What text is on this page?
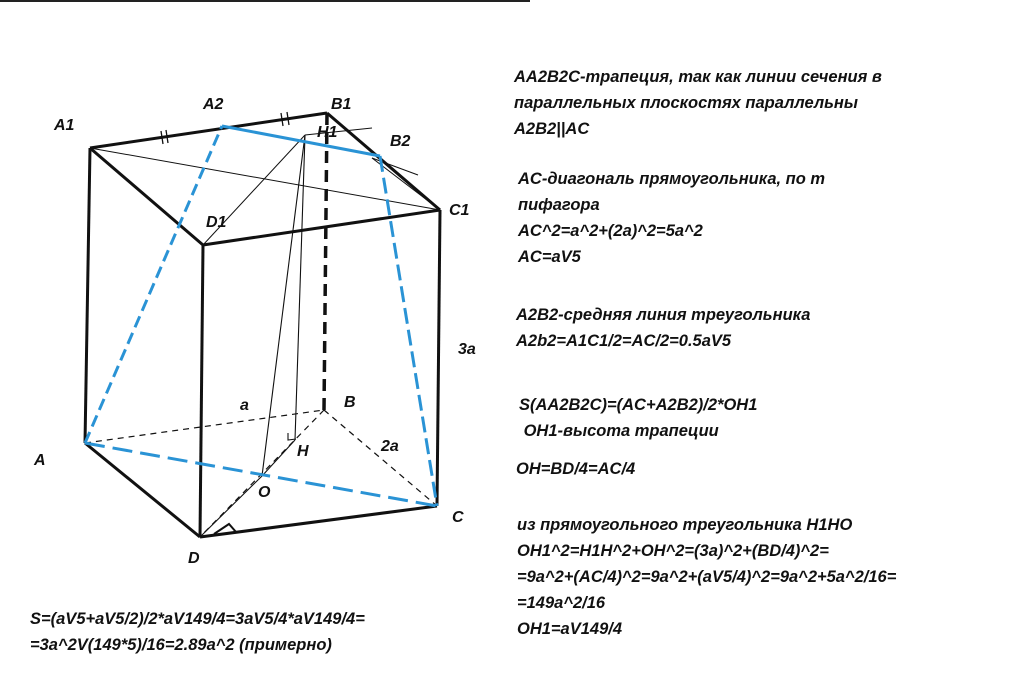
A1
A2	B1
H1
B2
C1
D1
3a
a	B
2a
H
A
O
C
D
AA2B2C-трапеция, так как линии сечения в
параллельных плоскостях параллельны
A2B2||AC
AC-диагональ прямоугольника, по т
пифагора
AC^2=a^2+(2a)^2=5a^2
AC=aV5
A2B2-средняя линия треугольника
A2b2=A1C1/2=AC/2=0.5aV5
S(AA2B2C)=(AC+A2B2)/2*OH1
OH1-высота трапеции
OH=BD/4=AC/4
из прямоугольного треугольника H1HO
OH1^2=H1H^2+OH^2=(3a)^2+(BD/4)^2=
=9a^2+(AC/4)^2=9a^2+(aV5/4)^2=9a^2+5a^2/16=
=149a^2/16
OH1=aV149/4
S=(aV5+aV5/2)/2*aV149/4=3aV5/4*aV149/4=
=3a^2V(149*5)/16=2.89a^2 (примерно)
